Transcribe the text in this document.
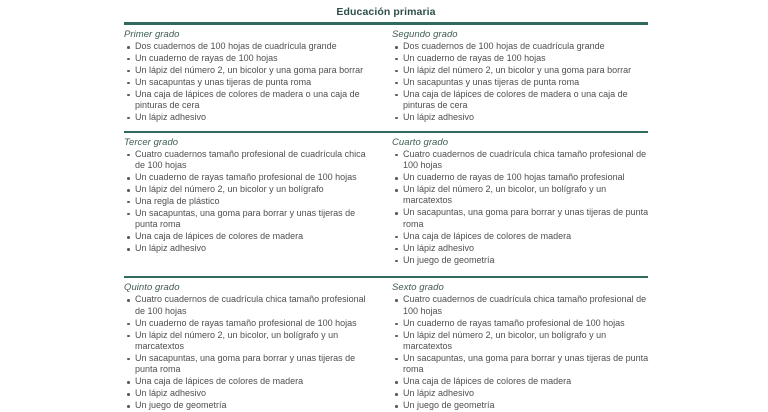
Educación primaria
Primer grado
Dos cuadernos de 100 hojas de cuadrícula grande
Un cuaderno de rayas de 100 hojas
Un lápiz del número 2, un bicolor y una goma para borrar
Un sacapuntas y unas tijeras de punta roma
Una caja de lápices de colores de madera o una caja de pinturas de cera
Un lápiz adhesivo
Segundo grado
Dos cuadernos de 100 hojas de cuadrícula grande
Un cuaderno de rayas de 100 hojas
Un lápiz del número 2, un bicolor y una goma para borrar
Un sacapuntas y unas tijeras de punta roma
Una caja de lápices de colores de madera o una caja de pinturas de cera
Un lápiz adhesivo
Tercer grado
Cuatro cuadernos tamaño profesional de cuadrícula chica de 100 hojas
Un cuaderno de rayas tamaño profesional de 100 hojas
Un lápiz del número 2, un bicolor y un bolígrafo
Una regla de plástico
Un sacapuntas, una goma para borrar y unas tijeras de punta roma
Una caja de lápices de colores de madera
Un lápiz adhesivo
Cuarto grado
Cuatro cuadernos de cuadrícula chica tamaño profesional de 100 hojas
Un cuaderno de rayas de 100 hojas tamaño profesional
Un lápiz del número 2, un bicolor, un bolígrafo y un marcatextos
Un sacapuntas, una goma para borrar y unas tijeras de punta roma
Una caja de lápices de colores de madera
Un lápiz adhesivo
Un juego de geometría
Quinto grado
Cuatro cuadernos de cuadrícula chica tamaño profesional de 100 hojas
Un cuaderno de rayas tamaño profesional de 100 hojas
Un lápiz del número 2, un bicolor, un bolígrafo y un marcatextos
Un sacapuntas, una goma para borrar y unas tijeras de punta roma
Una caja de lápices de colores de madera
Un lápiz adhesivo
Un juego de geometría
Sexto grado
Cuatro cuadernos de cuadrícula chica tamaño profesional de 100 hojas
Un cuaderno de rayas tamaño profesional de 100 hojas
Un lápiz del número 2, un bicolor, un bolígrafo y un marcatextos
Un sacapuntas, una goma para borrar y unas tijeras de punta roma
Una caja de lápices de colores de madera
Un lápiz adhesivo
Un juego de geometría
